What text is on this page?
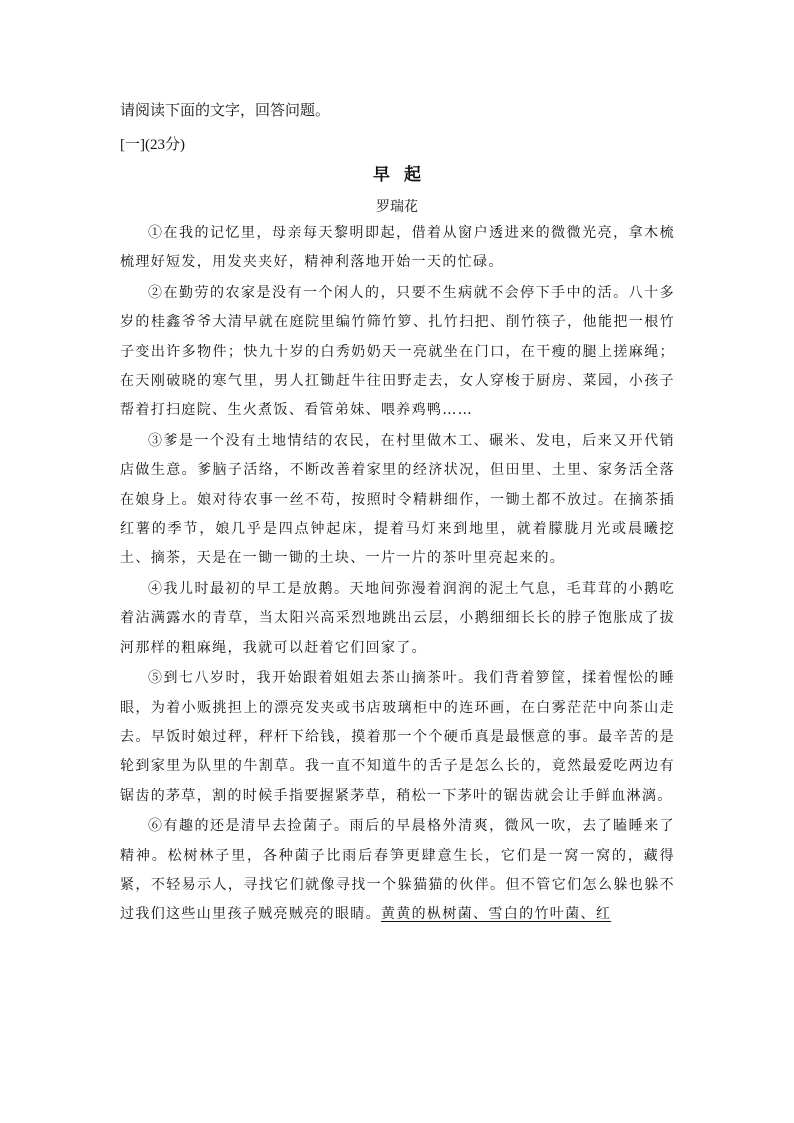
请阅读下面的文字，回答问题。
[一](23分)
早起
罗瑞花

①在我的记忆里，母亲每天黎明即起，借着从窗户透进来的微微光亮，拿木梳梳理好短发，用发夹夹好，精神利落地开始一天的忙碌。

②在勤劳的农家是没有一个闲人的，只要不生病就不会停下手中的活。八十多岁的桂鑫爷爷大清早就在庭院里编竹筛竹箩、扎竹扫把、削竹筷子，他能把一根竹子变出许多物件；快九十岁的白秀奶奶天一亮就坐在门口，在干瘦的腿上搓麻绳；在天刚破晓的寒气里，男人扛锄赶牛往田野走去，女人穿梭于厨房、菜园，小孩子帮着打扫庭院、生火煮饭、看管弟妹、喂养鸡鸭……

③爹是一个没有土地情结的农民，在村里做木工、碾米、发电，后来又开代销店做生意。爹脑子活络，不断改善着家里的经济状况，但田里、土里、家务活全落在娘身上。娘对待农事一丝不苟，按照时令精耕细作，一锄土都不放过。在摘茶插红薯的季节，娘几乎是四点钟起床，提着马灯来到地里，就着朦胧月光或晨曦挖土、摘茶，天是在一锄一锄的土块、一片一片的茶叶里亮起来的。

④我儿时最初的早工是放鹅。天地间弥漫着润润的泥土气息，毛茸茸的小鹅吃着沾满露水的青草，当太阳兴高采烈地跳出云层，小鹅细细长长的脖子饱胀成了拔河那样的粗麻绳，我就可以赶着它们回家了。

⑤到七八岁时，我开始跟着姐姐去茶山摘茶叶。我们背着箩筐，揉着惺忪的睡眼，为着小贩挑担上的漂亮发夹或书店玻璃柜中的连环画，在白雾茫茫中向茶山走去。早饭时娘过秤，秤杆下给钱，摸着那一个个硬币真是最惬意的事。最辛苦的是轮到家里为队里的牛割草。我一直不知道牛的舌子是怎么长的，竟然最爱吃两边有锯齿的茅草，割的时候手指要握紧茅草，稍松一下茅叶的锯齿就会让手鲜血淋漓。

⑥有趣的还是清早去捡菌子。雨后的早晨格外清爽，微风一吹，去了瞌睡来了精神。松树林子里，各种菌子比雨后春笋更肆意生长，它们是一窝一窝的，藏得紧，不轻易示人，寻找它们就像寻找一个躲猫猫的伙伴。但不管它们怎么躲也躲不过我们这些山里孩子贼亮贼亮的眼睛。黄黄的枞树菌、雪白的竹叶菌、红
